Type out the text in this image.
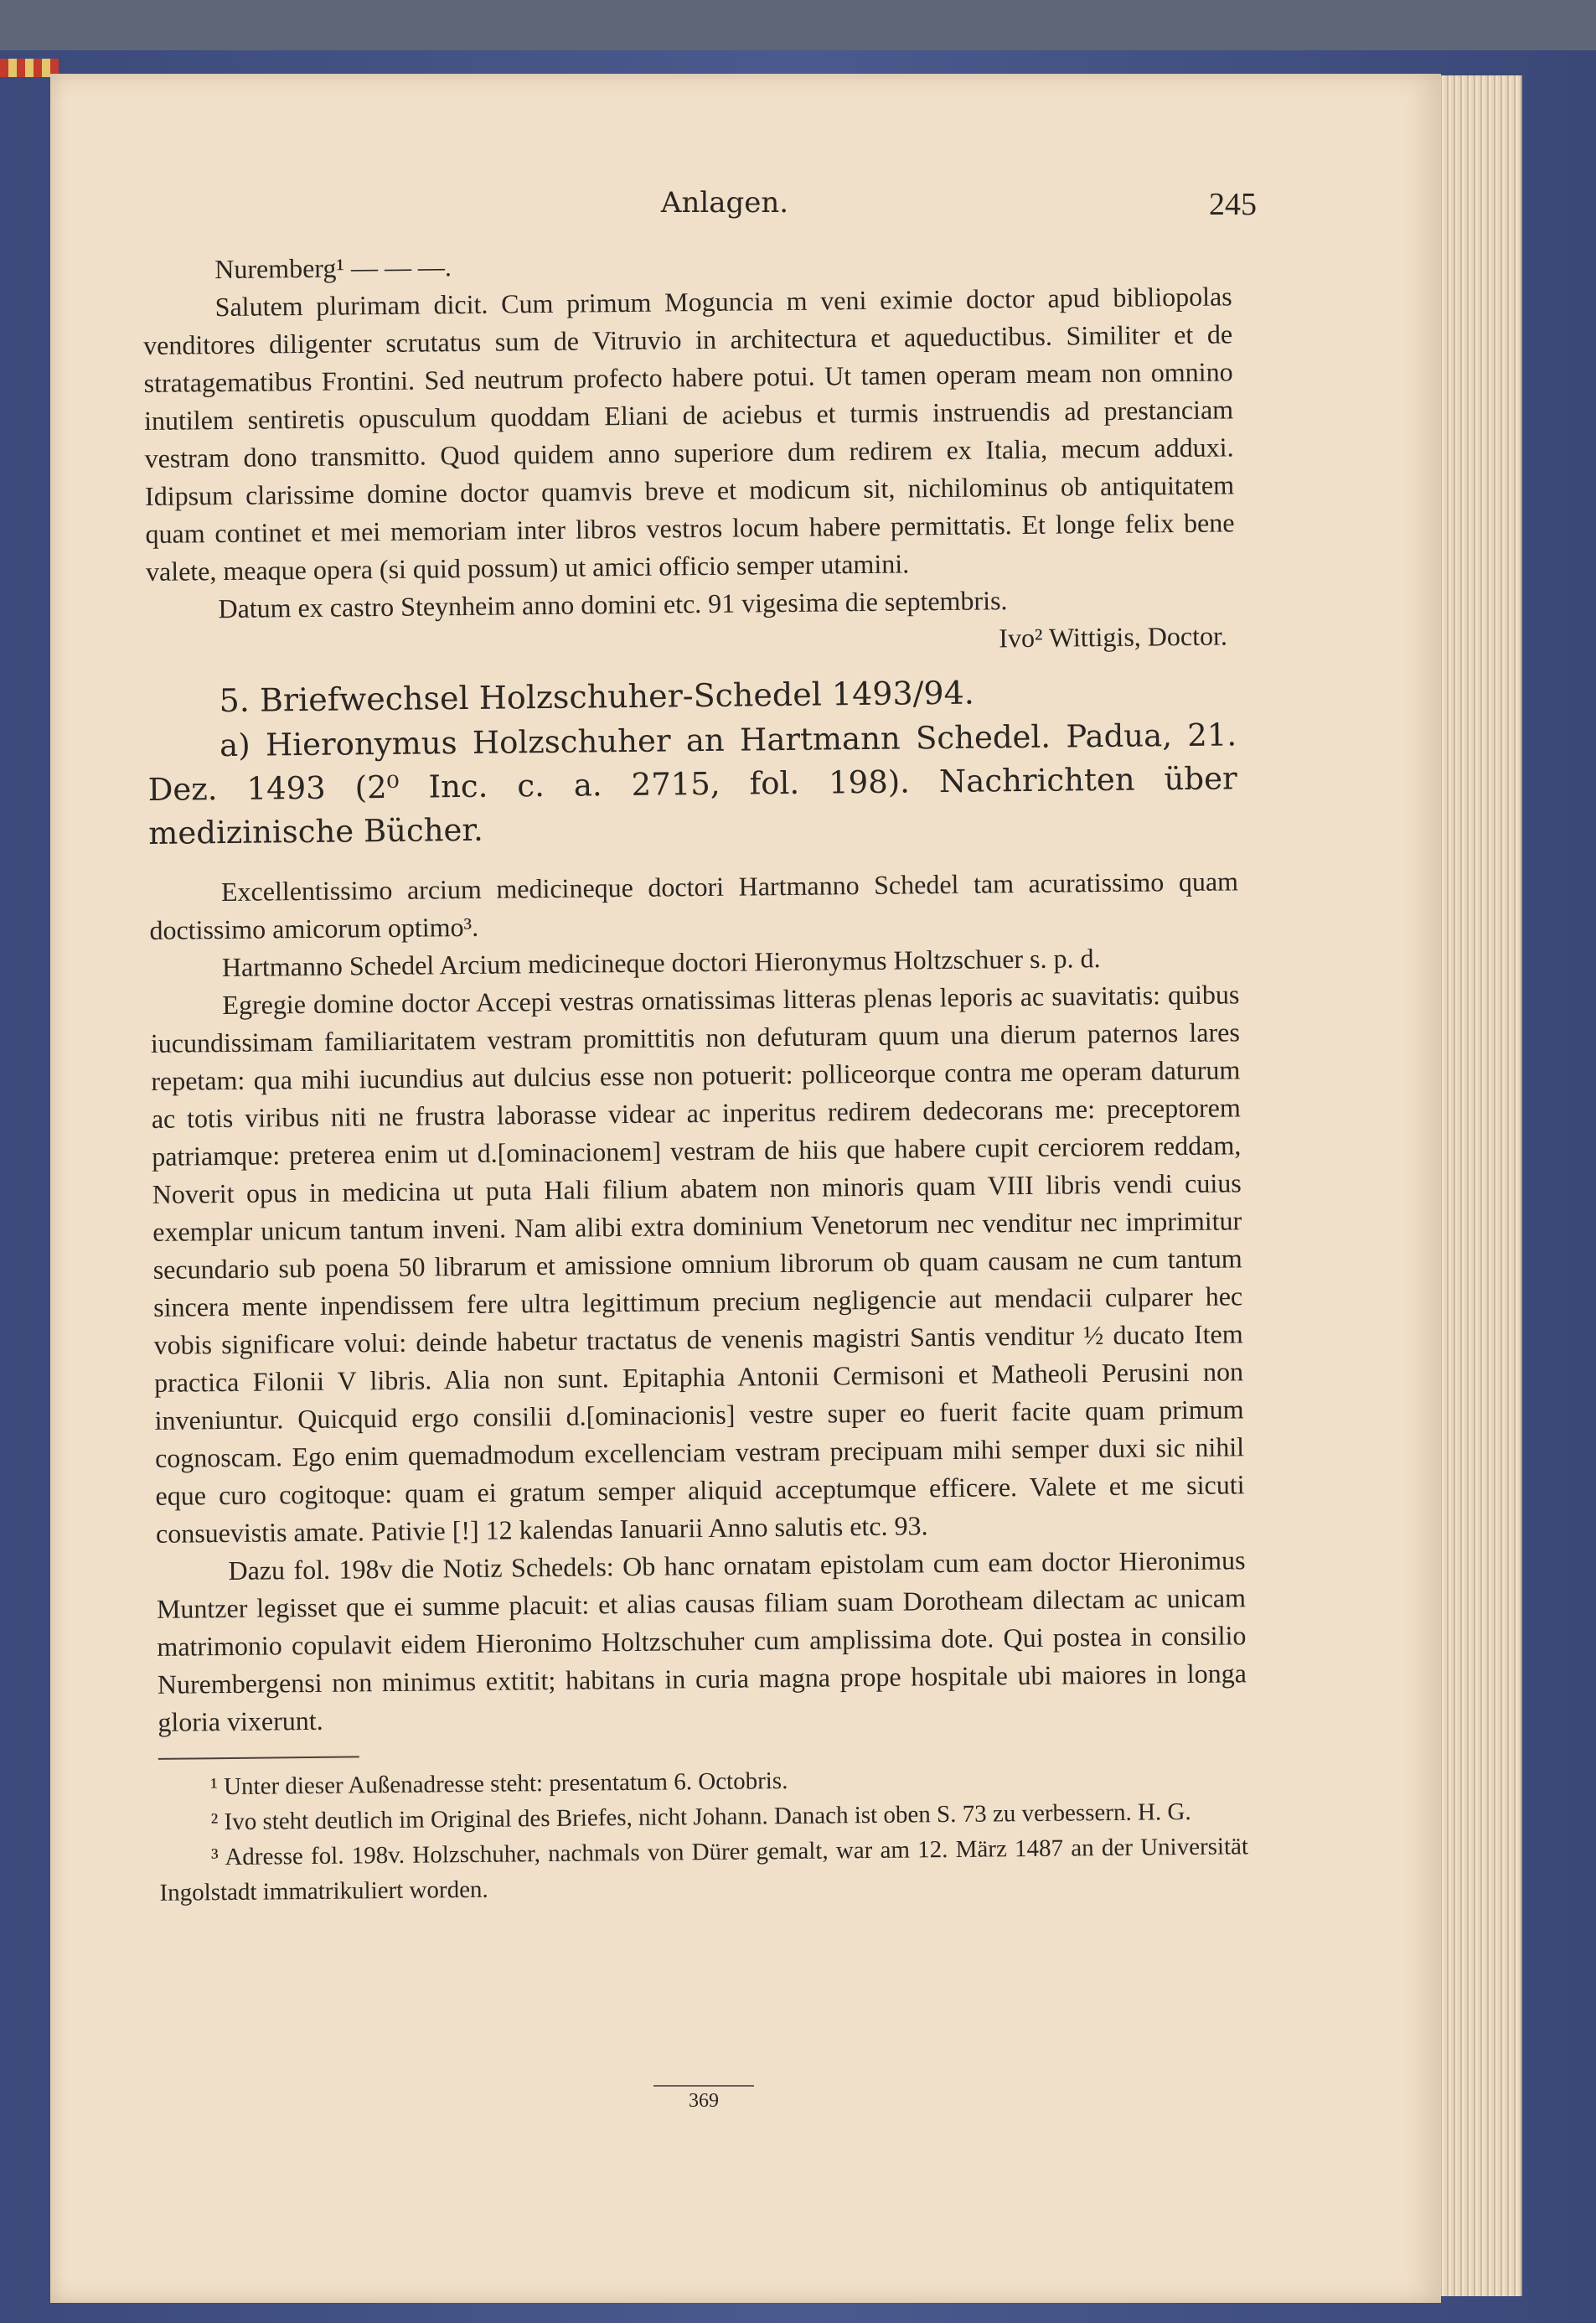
Anlagen.	245

Nuremberg¹ — — —.

Salutem plurimam dicit. Cum primum Moguncia m veni eximie doctor apud bibliopolas venditores diligenter scrutatus sum de Vitruvio in architectura et aqueductibus. Similiter et de stratagematibus Frontini. Sed neutrum profecto habere potui. Ut tamen operam meam non omnino inutilem sentiretis opusculum quoddam Eliani de aciebus et turmis instruendis ad prestanciam vestram dono transmitto. Quod quidem anno superiore dum redirem ex Italia, mecum adduxi. Idipsum clarissime domine doctor quamvis breve et modicum sit, nichilominus ob antiquitatem quam continet et mei memoriam inter libros vestros locum habere permittatis. Et longe felix bene valete, meaque opera (si quid possum) ut amici officio semper utamini.

Datum ex castro Steynheim anno domini etc. 91 vigesima die septembris.

Ivo² Wittigis, Doctor.

5. Briefwechsel Holzschuher-Schedel 1493/94.

a) Hieronymus Holzschuher an Hartmann Schedel. Padua, 21. Dez. 1493 (2⁰ Inc. c. a. 2715, fol. 198). Nachrichten über medizinische Bücher.

Excellentissimo arcium medicineque doctori Hartmanno Schedel tam acuratissimo quam doctissimo amicorum optimo³.

Hartmanno Schedel Arcium medicineque doctori Hieronymus Holtzschuer s. p. d.

Egregie domine doctor Accepi vestras ornatissimas litteras plenas leporis ac suavitatis: quibus iucundissimam familiaritatem vestram promittitis non defuturam quum una dierum paternos lares repetam: qua mihi iucundius aut dulcius esse non potuerit: polliceorque contra me operam daturum ac totis viribus niti ne frustra laborasse videar ac inperitus redirem dedecorans me: preceptorem patriamque: preterea enim ut d.[ominacionem] vestram de hiis que habere cupit cerciorem reddam, Noverit opus in medicina ut puta Hali filium abatem non minoris quam VIII libris vendi cuius exemplar unicum tantum inveni. Nam alibi extra dominium Venetorum nec venditur nec imprimitur secundario sub poena 50 librarum et amissione omnium librorum ob quam causam ne cum tantum sincera mente inpendissem fere ultra legittimum precium negligencie aut mendacii culparer hec vobis significare volui: deinde habetur tractatus de venenis magistri Santis venditur ½ ducato Item practica Filonii V libris. Alia non sunt. Epitaphia Antonii Cermisoni et Matheoli Perusini non inveniuntur. Quicquid ergo consilii d.[ominacionis] vestre super eo fuerit facite quam primum cognoscam. Ego enim quemadmodum excellenciam vestram precipuam mihi semper duxi sic nihil eque curo cogitoque: quam ei gratum semper aliquid acceptumque efficere. Valete et me sicuti consuevistis amate. Pativie [!] 12 kalendas Ianuarii Anno salutis etc. 93.

Dazu fol. 198v die Notiz Schedels: Ob hanc ornatam epistolam cum eam doctor Hieronimus Muntzer legisset que ei summe placuit: et alias causas filiam suam Dorotheam dilectam ac unicam matrimonio copulavit eidem Hieronimo Holtzschuher cum amplissima dote. Qui postea in consilio Nurembergensi non minimus extitit; habitans in curia magna prope hospitale ubi maiores in longa gloria vixerunt.

¹ Unter dieser Außenadresse steht: presentatum 6. Octobris.

² Ivo steht deutlich im Original des Briefes, nicht Johann. Danach ist oben S. 73 zu verbessern. H. G.

³ Adresse fol. 198v. Holzschuher, nachmals von Dürer gemalt, war am 12. März 1487 an der Universität Ingolstadt immatrikuliert worden.

369
